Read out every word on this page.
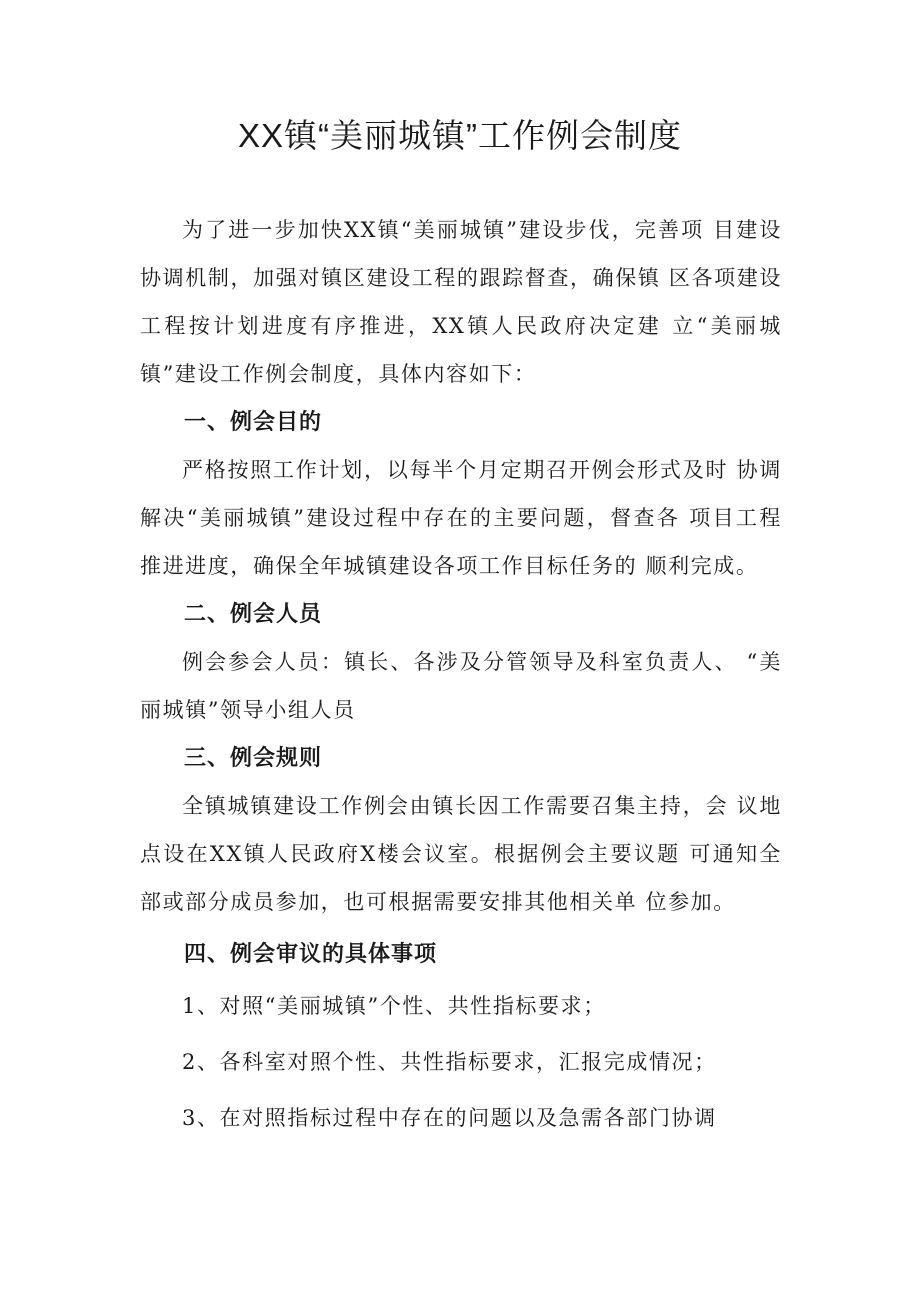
XX镇“美丽城镇”工作例会制度

为了进一步加快XX镇“美丽城镇”建设步伐，完善项 目建设协调机制，加强对镇区建设工程的跟踪督查，确保镇 区各项建设工程按计划进度有序推进，XX镇人民政府决定建 立“美丽城镇”建设工作例会制度，具体内容如下：

一、例会目的

严格按照工作计划，以每半个月定期召开例会形式及时 协调解决“美丽城镇”建设过程中存在的主要问题，督查各 项目工程推进进度，确保全年城镇建设各项工作目标任务的 顺利完成。

二、例会人员

例会参会人员：镇长、各涉及分管领导及科室负责人、 “美丽城镇”领导小组人员

三、例会规则

全镇城镇建设工作例会由镇长因工作需要召集主持，会 议地点设在XX镇人民政府X楼会议室。根据例会主要议题 可通知全部或部分成员参加，也可根据需要安排其他相关单 位参加。

四、例会审议的具体事项
1、对照“美丽城镇”个性、共性指标要求；
2、各科室对照个性、共性指标要求，汇报完成情况；
3、在对照指标过程中存在的问题以及急需各部门协调
